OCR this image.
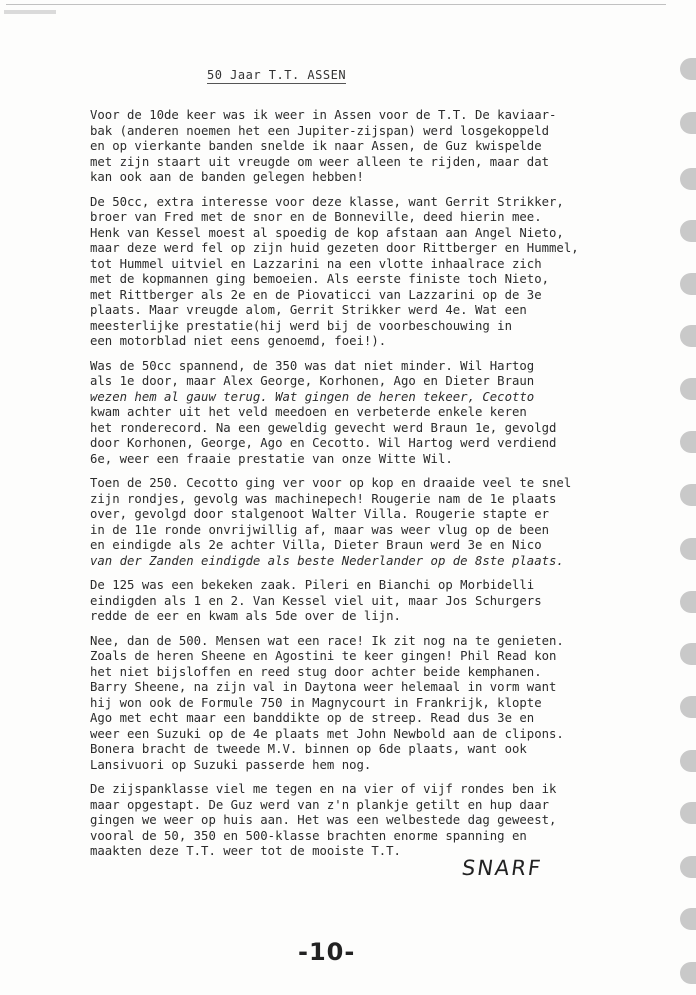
50 Jaar T.T. ASSEN
Voor de 10de keer was ik weer in Assen voor de T.T. De kaviaar-
bak (anderen noemen het een Jupiter-zijspan) werd losgekoppeld
en op vierkante banden snelde ik naar Assen, de Guz kwispelde
met zijn staart uit vreugde om weer alleen te rijden, maar dat
kan ook aan de banden gelegen hebben!
De 50cc, extra interesse voor deze klasse, want Gerrit Strikker,
broer van Fred met de snor en de Bonneville, deed hierin mee.
Henk van Kessel moest al spoedig de kop afstaan aan Angel Nieto,
maar deze werd fel op zijn huid gezeten door Rittberger en Hummel,
tot Hummel uitviel en Lazzarini na een vlotte inhaalrace zich
met de kopmannen ging bemoeien. Als eerste finiste toch Nieto,
met Rittberger als 2e en de Piovaticci van Lazzarini op de 3e
plaats. Maar vreugde alom, Gerrit Strikker werd 4e. Wat een
meesterlijke prestatie(hij werd bij de voorbeschouwing in
een motorblad niet eens genoemd, foei!).
Was de 50cc spannend, de 350 was dat niet minder. Wil Hartog
als 1e door, maar Alex George, Korhonen, Ago en Dieter Braun
wezen hem al gauw terug. Wat gingen de heren tekeer, Cecotto
kwam achter uit het veld meedoen en verbeterde enkele keren
het ronderecord. Na een geweldig gevecht werd Braun 1e, gevolgd
door Korhonen, George, Ago en Cecotto. Wil Hartog werd verdiend
6e, weer een fraaie prestatie van onze Witte Wil.
Toen de 250. Cecotto ging ver voor op kop en draaide veel te snel
zijn rondjes, gevolg was machinepech! Rougerie nam de 1e plaats
over, gevolgd door stalgenoot Walter Villa. Rougerie stapte er
in de 11e ronde onvrijwillig af, maar was weer vlug op de been
en eindigde als 2e achter Villa, Dieter Braun werd 3e en Nico
van der Zanden eindigde als beste Nederlander op de 8ste plaats.
De 125 was een bekeken zaak. Pileri en Bianchi op Morbidelli
eindigden als 1 en 2. Van Kessel viel uit, maar Jos Schurgers
redde de eer en kwam als 5de over de lijn.
Nee, dan de 500. Mensen wat een race! Ik zit nog na te genieten.
Zoals de heren Sheene en Agostini te keer gingen! Phil Read kon
het niet bijsloffen en reed stug door achter beide kemphanen.
Barry Sheene, na zijn val in Daytona weer helemaal in vorm want
hij won ook de Formule 750 in Magnycourt in Frankrijk, klopte
Ago met echt maar een banddikte op de streep. Read dus 3e en
weer een Suzuki op de 4e plaats met John Newbold aan de clipons.
Bonera bracht de tweede M.V. binnen op 6de plaats, want ook
Lansivuori op Suzuki passerde hem nog.
De zijspanklasse viel me tegen en na vier of vijf rondes ben ik
maar opgestapt. De Guz werd van z'n plankje getilt en hup daar
gingen we weer op huis aan. Het was een welbestede dag geweest,
vooral de 50, 350 en 500-klasse brachten enorme spanning en
maakten deze T.T. weer tot de mooiste T.T.
SNARF
-10-
